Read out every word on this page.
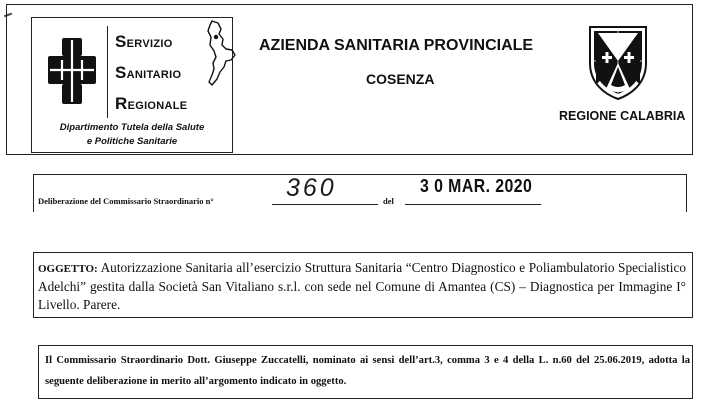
SERVIZIO
SANITARIO
REGIONALE
Dipartimento Tutela della Salute
e Politiche Sanitarie
AZIENDA SANITARIA PROVINCIALE
COSENZA
REGIONE CALABRIA
Deliberazione del Commissario Straordinario n°	360	del
3 0 MAR. 2020
OGGETTO: Autorizzazione Sanitaria all’esercizio Struttura Sanitaria “Centro Diagnostico e Poliambulatorio Specialistico Adelchi” gestita dalla Società San Vitaliano s.r.l. con sede nel Comune di Amantea (CS) – Diagnostica per Immagine I° Livello. Parere.
Il Commissario Straordinario Dott. Giuseppe Zuccatelli, nominato ai sensi dell’art.3, comma 3 e 4 della L. n.60 del 25.06.2019, adotta la seguente deliberazione in merito all’argomento indicato in oggetto.
